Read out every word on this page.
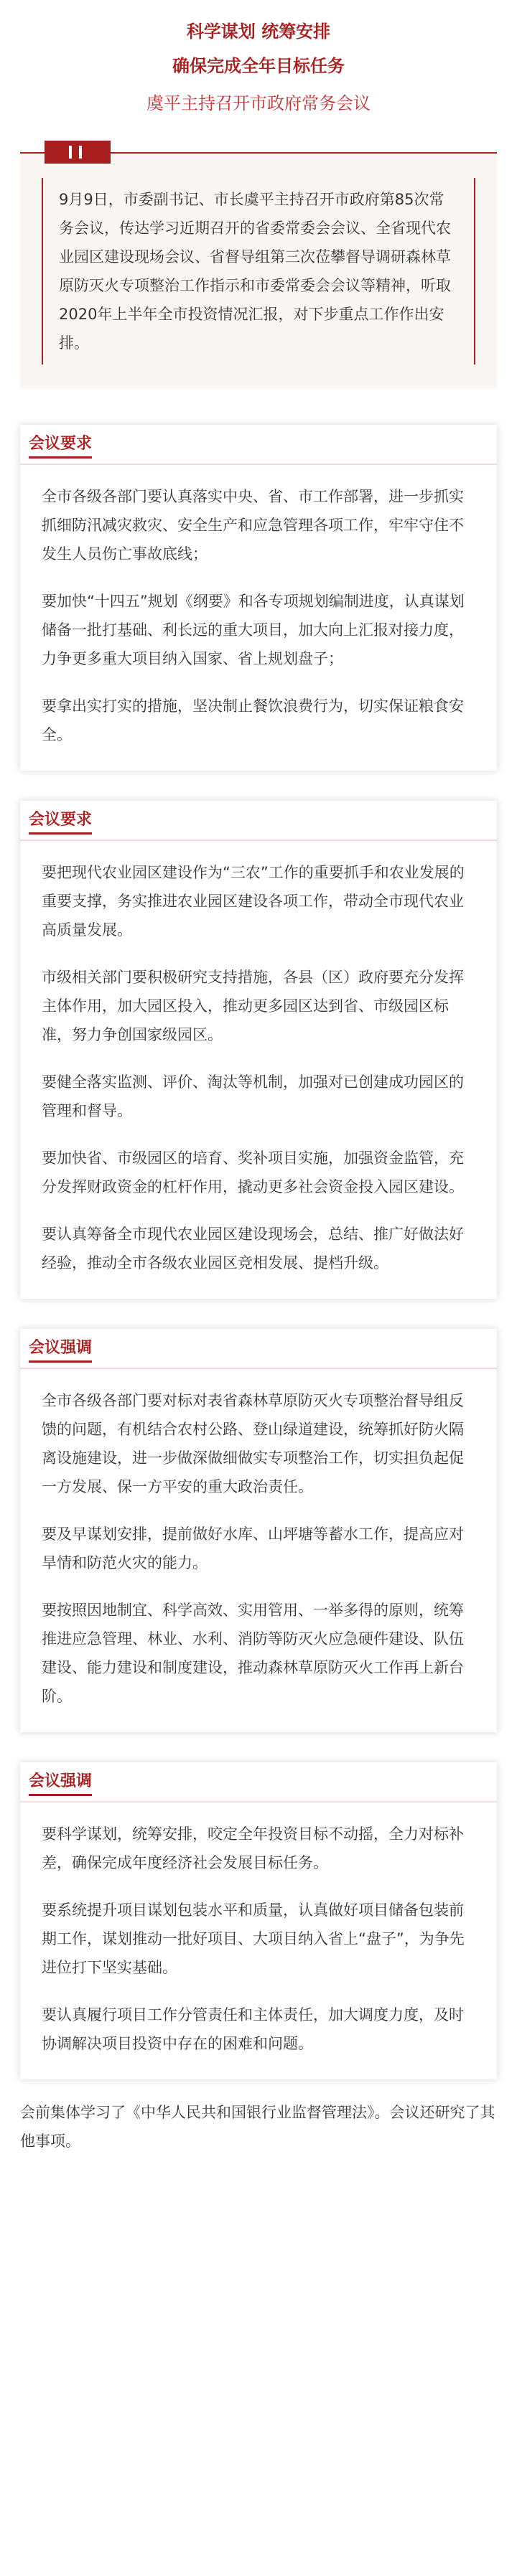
科学谋划 统筹安排
确保完成全年目标任务
虞平主持召开市政府常务会议

9月9日，市委副书记、市长虞平主持召开市政府第85次常务会议，传达学习近期召开的省委常委会会议、全省现代农业园区建设现场会议、省督导组第三次莅攀督导调研森林草原防灭火专项整治工作指示和市委常委会会议等精神，听取2020年上半年全市投资情况汇报，对下步重点工作作出安排。

会议要求

全市各级各部门要认真落实中央、省、市工作部署，进一步抓实抓细防汛减灾救灾、安全生产和应急管理各项工作，牢牢守住不发生人员伤亡事故底线；

要加快“十四五”规划《纲要》和各专项规划编制进度，认真谋划储备一批打基础、利长远的重大项目，加大向上汇报对接力度，力争更多重大项目纳入国家、省上规划盘子；

要拿出实打实的措施，坚决制止餐饮浪费行为，切实保证粮食安全。

会议要求

要把现代农业园区建设作为“三农”工作的重要抓手和农业发展的重要支撑，务实推进农业园区建设各项工作，带动全市现代农业高质量发展。

市级相关部门要积极研究支持措施，各县（区）政府要充分发挥主体作用，加大园区投入，推动更多园区达到省、市级园区标准，努力争创国家级园区。

要健全落实监测、评价、淘汰等机制，加强对已创建成功园区的管理和督导。

要加快省、市级园区的培育、奖补项目实施，加强资金监管，充分发挥财政资金的杠杆作用，撬动更多社会资金投入园区建设。

要认真筹备全市现代农业园区建设现场会，总结、推广好做法好经验，推动全市各级农业园区竞相发展、提档升级。

会议强调

全市各级各部门要对标对表省森林草原防灭火专项整治督导组反馈的问题，有机结合农村公路、登山绿道建设，统筹抓好防火隔离设施建设，进一步做深做细做实专项整治工作，切实担负起促一方发展、保一方平安的重大政治责任。

要及早谋划安排，提前做好水库、山坪塘等蓄水工作，提高应对旱情和防范火灾的能力。

要按照因地制宜、科学高效、实用管用、一举多得的原则，统筹推进应急管理、林业、水利、消防等防灭火应急硬件建设、队伍建设、能力建设和制度建设，推动森林草原防灭火工作再上新台阶。

会议强调

要科学谋划，统筹安排，咬定全年投资目标不动摇，全力对标补差，确保完成年度经济社会发展目标任务。

要系统提升项目谋划包装水平和质量，认真做好项目储备包装前期工作，谋划推动一批好项目、大项目纳入省上“盘子”，为争先进位打下坚实基础。

要认真履行项目工作分管责任和主体责任，加大调度力度，及时协调解决项目投资中存在的困难和问题。

会前集体学习了《中华人民共和国银行业监督管理法》。会议还研究了其他事项。
